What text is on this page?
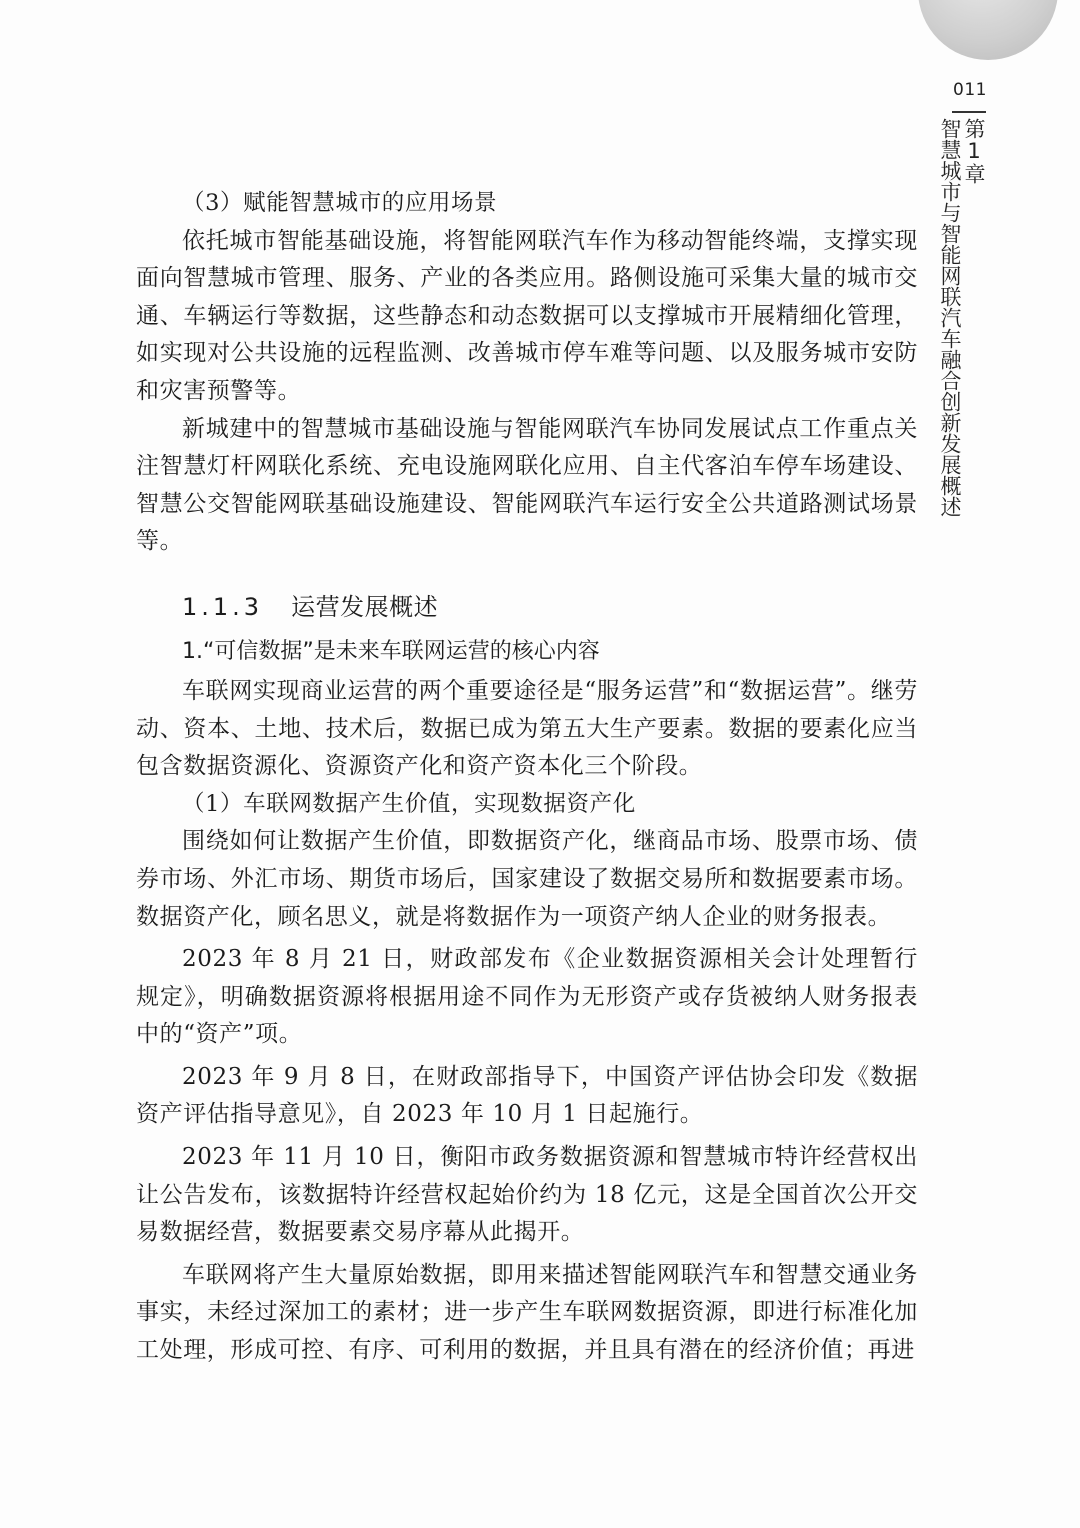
011
第1章
智慧城市与智能网联汽车融合创新发展概述

（3）赋能智慧城市的应用场景

依托城市智能基础设施，将智能网联汽车作为移动智能终端，支撑实现面向智慧城市管理、服务、产业的各类应用。路侧设施可采集大量的城市交通、车辆运行等数据，这些静态和动态数据可以支撑城市开展精细化管理，如实现对公共设施的远程监测、改善城市停车难等问题、以及服务城市安防和灾害预警等。

新城建中的智慧城市基础设施与智能网联汽车协同发展试点工作重点关注智慧灯杆网联化系统、充电设施网联化应用、自主代客泊车停车场建设、智慧公交智能网联基础设施建设、智能网联汽车运行安全公共道路测试场景等。

1.1.3 运营发展概述

1.“可信数据”是未来车联网运营的核心内容

车联网实现商业运营的两个重要途径是“服务运营”和“数据运营”。继劳动、资本、土地、技术后，数据已成为第五大生产要素。数据的要素化应当包含数据资源化、资源资产化和资产资本化三个阶段。

（1）车联网数据产生价值，实现数据资产化

围绕如何让数据产生价值，即数据资产化，继商品市场、股票市场、债券市场、外汇市场、期货市场后，国家建设了数据交易所和数据要素市场。数据资产化，顾名思义，就是将数据作为一项资产纳人企业的财务报表。

2023 年 8 月 21 日，财政部发布《企业数据资源相关会计处理暂行规定》，明确数据资源将根据用途不同作为无形资产或存货被纳人财务报表中的“资产”项。

2023 年 9 月 8 日，在财政部指导下，中国资产评估协会印发《数据资产评估指导意见》，自 2023 年 10 月 1 日起施行。

2023 年 11 月 10 日，衡阳市政务数据资源和智慧城市特许经营权出让公告发布，该数据特许经营权起始价约为 18 亿元，这是全国首次公开交易数据经营，数据要素交易序幕从此揭开。

车联网将产生大量原始数据，即用来描述智能网联汽车和智慧交通业务事实，未经过深加工的素材；进一步产生车联网数据资源，即进行标准化加工处理，形成可控、有序、可利用的数据，并且具有潜在的经济价值；再进
